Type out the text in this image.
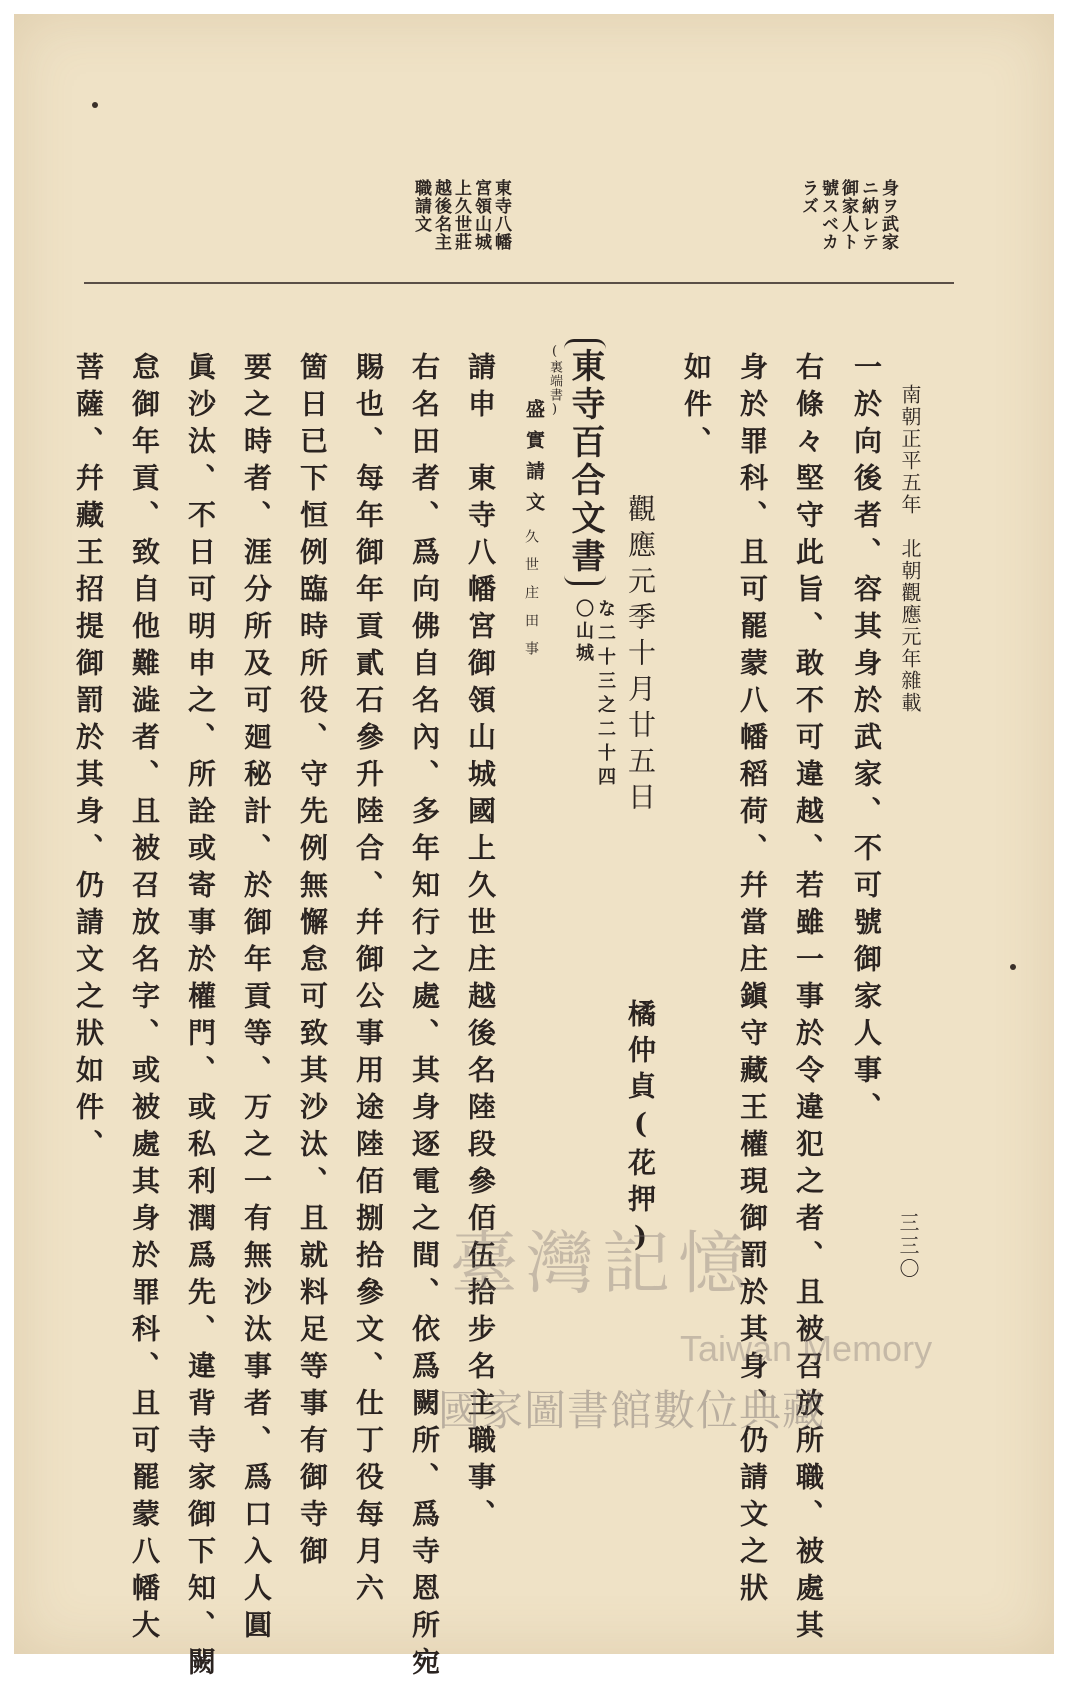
身ヲ武家
ニ納レテ
御家人ト
號スベカ
ラズ
東寺八幡
宮領山城
上久世莊
越後名主
職請文
南朝正平五年　北朝觀應元年雜載
三三〇
一於向後者、容其身於武家、不可號御家人事、
右條々堅守此旨、敢不可違越、若雖一事於令違犯之者、且被召放所職、被處其
身於罪科、且可罷蒙八幡稻荷、幷當庄鎭守藏王權現御罰於其身、仍請文之狀
如件、
觀應元季十月廿五日
橘仲貞(花押)
東寺百合文書
な二十三之二十四
〇山城
(裏端書)
盛實請文
久世庄田事
請申　東寺八幡宮御領山城國上久世庄越後名陸段參佰伍拾步名主職事、
右名田者、爲向佛自名內、多年知行之處、其身逐電之間、依爲闕所、爲寺恩所宛
賜也、每年御年貢貳石參升陸合、幷御公事用途陸佰捌拾參文、仕丁役每月六
箇日已下恒例臨時所役、守先例無懈怠可致其沙汰、且就料足等事有御寺御
要之時者、涯分所及可廻秘計、於御年貢等、万之一有無沙汰事者、爲口入人圓
眞沙汰、不日可明申之、所詮或寄事於權門、或私利潤爲先、違背寺家御下知、闕
怠御年貢、致自他難澁者、且被召放名字、或被處其身於罪科、且可罷蒙八幡大
菩薩、幷藏王招提御罰於其身、仍請文之狀如件、
臺灣記憶
Taiwan Memory
國家圖書館數位典藏
